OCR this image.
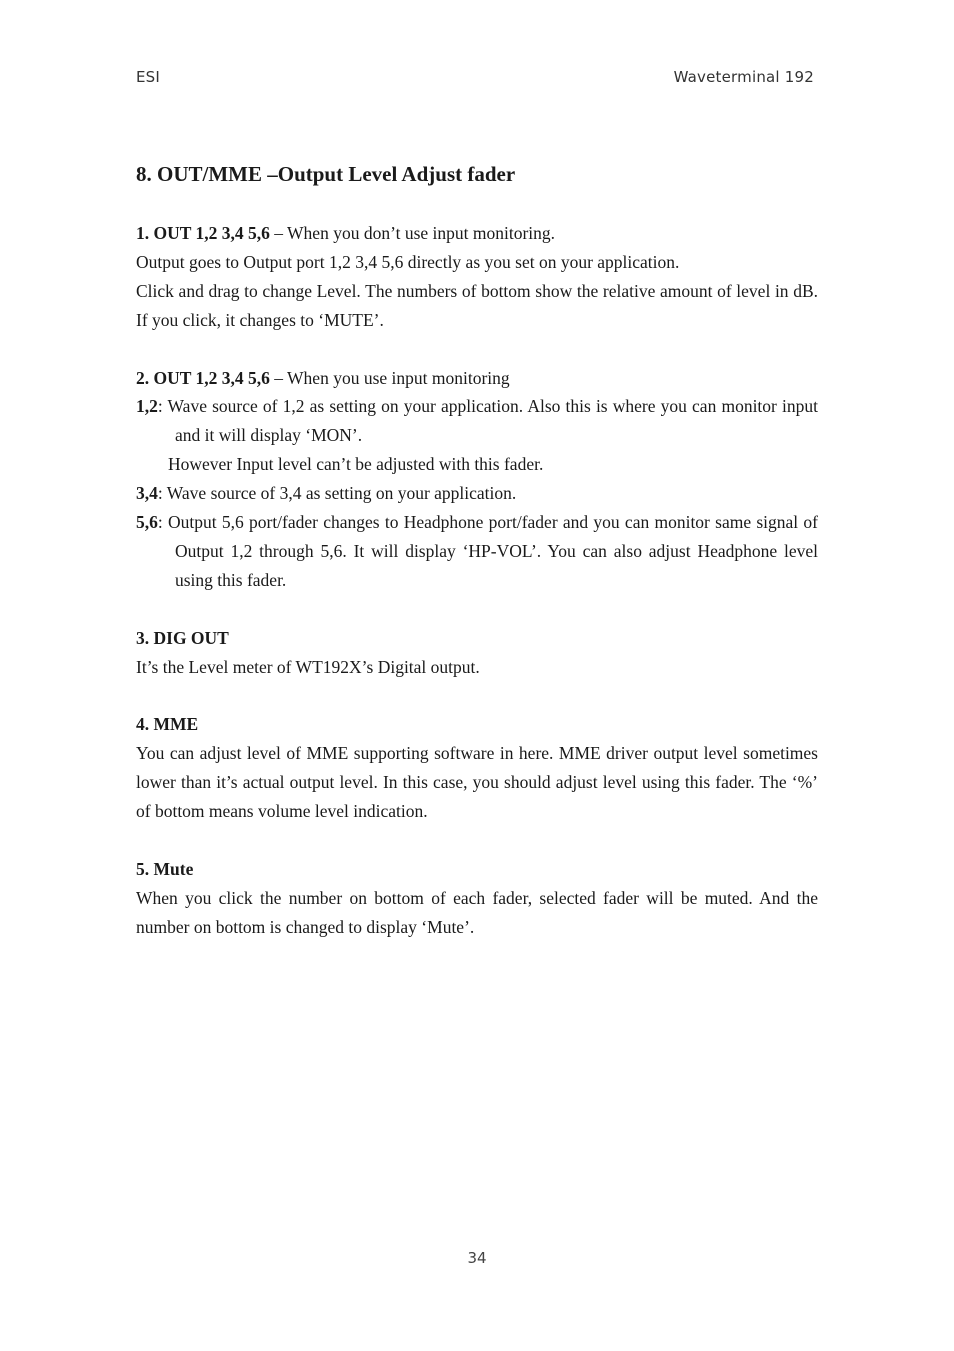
ESI	Waveterminal 192
8. OUT/MME –Output Level Adjust fader

1. OUT 1,2 3,4 5,6 – When you don’t use input monitoring.

Output goes to Output port 1,2 3,4 5,6 directly as you set on your application.

Click and drag to change Level. The numbers of bottom show the relative amount of level in dB. If you click, it changes to ‘MUTE’.

2. OUT 1,2 3,4 5,6 – When you use input monitoring

1,2: Wave source of 1,2 as setting on your application. Also this is where you can monitor input and it will display ‘MON’.

However Input level can’t be adjusted with this fader.

3,4: Wave source of 3,4 as setting on your application.

5,6: Output 5,6 port/fader changes to Headphone port/fader and you can monitor same signal of Output 1,2 through 5,6. It will display ‘HP-VOL’. You can also adjust Headphone level using this fader.

3. DIG OUT

It’s the Level meter of WT192X’s Digital output.

4. MME

You can adjust level of MME supporting software in here. MME driver output level sometimes lower than it’s actual output level. In this case, you should adjust level using this fader. The ‘%’ of bottom means volume level indication.

5. Mute

When you click the number on bottom of each fader, selected fader will be muted. And the number on bottom is changed to display ‘Mute’.

34
